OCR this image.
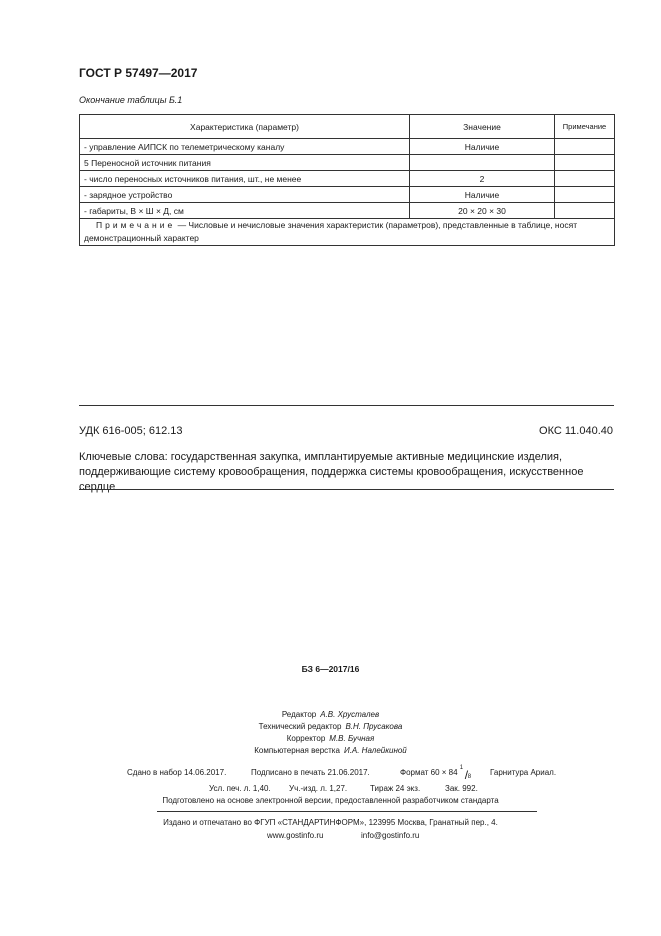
ГОСТ Р 57497—2017
Окончание таблицы Б.1
Характеристика (параметр)	Значение	Примечание
- управление АИПСК по телеметрическому каналу	Наличие	
5 Переносной источник питания		
- число переносных источников питания, шт., не менее	2	
- зарядное устройство	Наличие	
- габариты, В × Ш × Д, см	20 × 20 × 30	
Примечание — Числовые и нечисловые значения характеристик (параметров), представленные в таблице, носят демонстрационный характер		
УДК 616-005; 612.13	ОКС 11.040.40
Ключевые слова: государственная закупка, имплантируемые активные медицинские изделия, поддерживающие систему кровообращения, поддержка системы кровообращения, искусственное сердце
БЗ 6—2017/16
Редактор А.В. Хрусталев
Технический редактор В.Н. Прусакова
Корректор М.В. Бучная
Компьютерная верстка И.А. Налейкиной
Сдано в набор 14.06.2017.	Подписано в печать 21.06.2017.	Формат 60 × 84
1 / 8 Гарнитура Ариал.
Усл. печ. л. 1,40. Уч.-изд. л. 1,27.	Тираж 24 экз.	Зак. 992.
Подготовлено на основе электронной версии, предоставленной разработчиком стандарта
Издано и отпечатано во ФГУП «СТАНДАРТИНФОРМ», 123995 Москва, Гранатный пер., 4.
www.gostinfo.ru	info@gostinfo.ru
